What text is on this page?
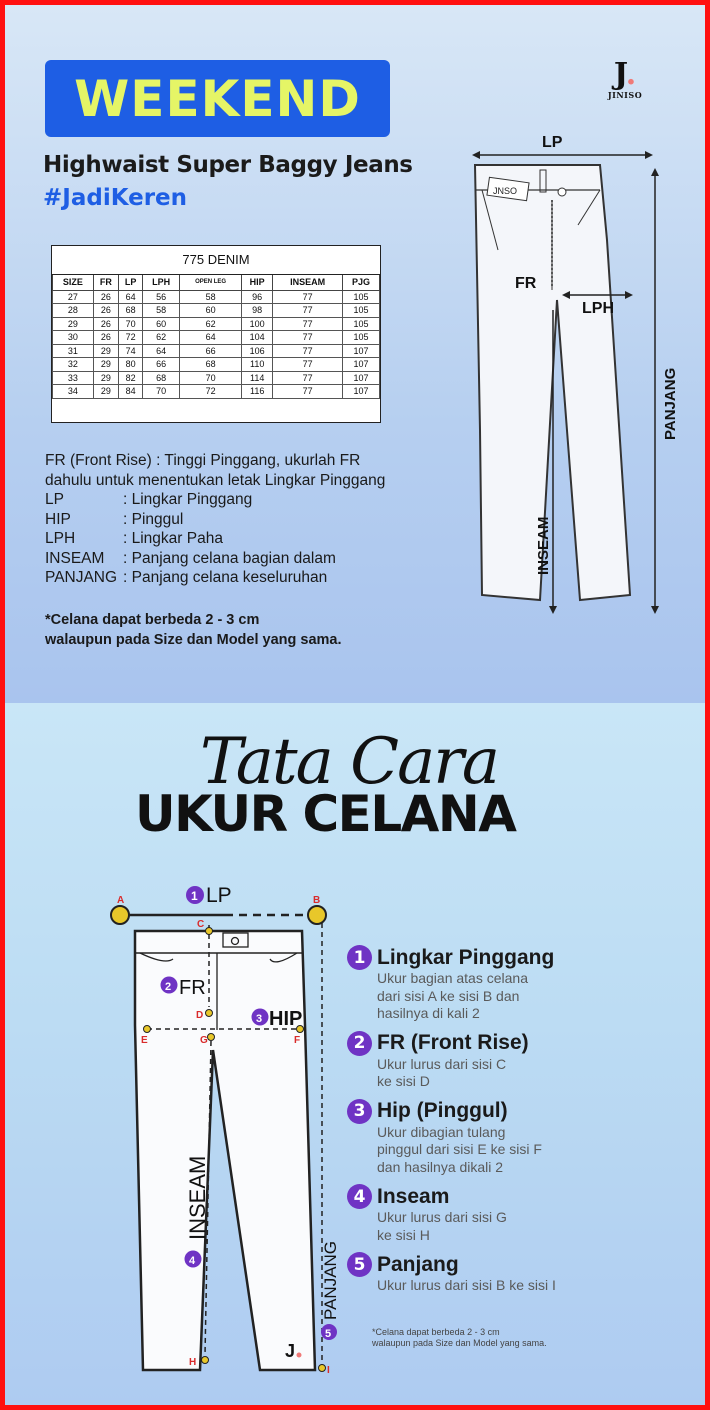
WEEKEND
Highwaist Super Baggy Jeans
#JadiKeren
J.
JINISO
775 DENIM							
SIZE	FR	LP	LPH	OPEN LEG	HIP	INSEAM	PJG
27	26	64	56	58	96	77	105
28	26	68	58	60	98	77	105
29	26	70	60	62	100	77	105
30	26	72	62	64	104	77	105
31	29	74	64	66	106	77	107
32	29	80	66	68	110	77	107
33	29	82	68	70	114	77	107
34	29	84	70	72	116	77	107
FR (Front Rise) : Tinggi Pinggang, ukurlah FR
dahulu untuk menentukan letak Lingkar Pinggang
LP	: Lingkar Pinggang
HIP	: Pinggul
LPH	: Lingkar Paha
INSEAM	: Panjang celana bagian dalam
PANJANG : Panjang celana keseluruhan
*Celana dapat berbeda 2 - 3 cm
walaupun pada Size dan Model yang sama.
LP
JNSO
FR
LPH
PANJANG
INSEAM
Tata Cara
UKUR CELANA
A	B
1 LP
C
D
2 FR
E	F
G
3 HIP
H
INSEAM
4
I
PANJANG
5
J
1 Lingkar Pinggang
Ukur bagian atas celana
dari sisi A ke sisi B dan
hasilnya di kali 2
2 FR (Front Rise)
Ukur lurus dari sisi C
ke sisi D
3 Hip (Pinggul)
Ukur dibagian tulang
pinggul dari sisi E ke sisi F
dan hasilnya dikali 2
4 Inseam
Ukur lurus dari sisi G
ke sisi H
5 Panjang
Ukur lurus dari sisi B ke sisi I
*Celana dapat berbeda 2 - 3 cm
walaupun pada Size dan Model yang sama.
